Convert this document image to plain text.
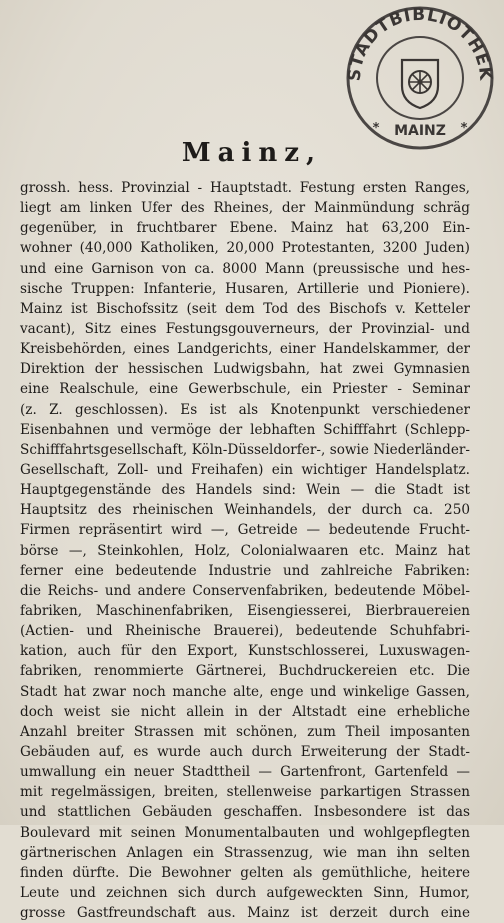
STADTBIBLIOTHEK
MAINZ
*	*
Mainz,
grossh. hess. Provinzial - Hauptstadt. Festung ersten Ranges,
liegt am linken Ufer des Rheines, der Mainmündung schräg
gegenüber, in fruchtbarer Ebene. Mainz hat 63,200 Ein-
wohner (40,000 Katholiken, 20,000 Protestanten, 3200 Juden)
und eine Garnison von ca. 8000 Mann (preussische und hes-
sische Truppen: Infanterie, Husaren, Artillerie und Pioniere).
Mainz ist Bischofssitz (seit dem Tod des Bischofs v. Ketteler
vacant), Sitz eines Festungsgouverneurs, der Provinzial- und
Kreisbehörden, eines Landgerichts, einer Handelskammer, der
Direktion der hessischen Ludwigsbahn, hat zwei Gymnasien
eine Realschule, eine Gewerbschule, ein Priester - Seminar
(z. Z. geschlossen). Es ist als Knotenpunkt verschiedener
Eisenbahnen und vermöge der lebhaften Schifffahrt (Schlepp-
Schifffahrtsgesellschaft, Köln-Düsseldorfer-, sowie Niederländer-
Gesellschaft, Zoll- und Freihafen) ein wichtiger Handelsplatz.
Hauptgegenstände des Handels sind: Wein — die Stadt ist
Hauptsitz des rheinischen Weinhandels, der durch ca. 250
Firmen repräsentirt wird —, Getreide — bedeutende Frucht-
börse —, Steinkohlen, Holz, Colonialwaaren etc. Mainz hat
ferner eine bedeutende Industrie und zahlreiche Fabriken:
die Reichs- und andere Conservenfabriken, bedeutende Möbel-
fabriken, Maschinenfabriken, Eisengiesserei, Bierbrauereien
(Actien- und Rheinische Brauerei), bedeutende Schuhfabri-
kation, auch für den Export, Kunstschlosserei, Luxuswagen-
fabriken, renommierte Gärtnerei, Buchdruckereien etc. Die
Stadt hat zwar noch manche alte, enge und winkelige Gassen,
doch weist sie nicht allein in der Altstadt eine erhebliche
Anzahl breiter Strassen mit schönen, zum Theil imposanten
Gebäuden auf, es wurde auch durch Erweiterung der Stadt-
umwallung ein neuer Stadttheil — Gartenfront, Gartenfeld —
mit regelmässigen, breiten, stellenweise parkartigen Strassen
und stattlichen Gebäuden geschaffen. Insbesondere ist das
Boulevard mit seinen Monumentalbauten und wohlgepflegten
gärtnerischen Anlagen ein Strassenzug, wie man ihn selten
finden dürfte. Die Bewohner gelten als gemüthliche, heitere
Leute und zeichnen sich durch aufgeweckten Sinn, Humor,
grosse Gastfreundschaft aus. Mainz ist derzeit durch eine
